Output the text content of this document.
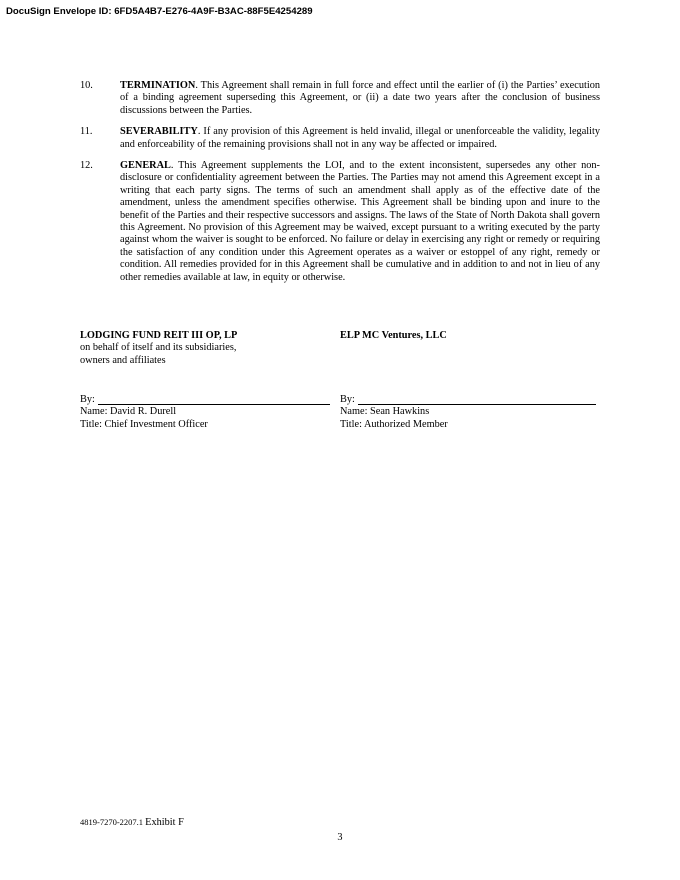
DocuSign Envelope ID: 6FD5A4B7-E276-4A9F-B3AC-88F5E4254289
10.	TERMINATION. This Agreement shall remain in full force and effect until the earlier of (i) the Parties’ execution of a binding agreement superseding this Agreement, or (ii) a date two years after the conclusion of business discussions between the Parties.
11.	SEVERABILITY. If any provision of this Agreement is held invalid, illegal or unenforceable the validity, legality and enforceability of the remaining provisions shall not in any way be affected or impaired.
12.	GENERAL. This Agreement supplements the LOI, and to the extent inconsistent, supersedes any other non-disclosure or confidentiality agreement between the Parties. The Parties may not amend this Agreement except in a writing that each party signs. The terms of such an amendment shall apply as of the effective date of the amendment, unless the amendment specifies otherwise. This Agreement shall be binding upon and inure to the benefit of the Parties and their respective successors and assigns. The laws of the State of North Dakota shall govern this Agreement. No provision of this Agreement may be waived, except pursuant to a writing executed by the party against whom the waiver is sought to be enforced. No failure or delay in exercising any right or remedy or requiring the satisfaction of any condition under this Agreement operates as a waiver or estoppel of any right, remedy or condition. All remedies provided for in this Agreement shall be cumulative and in addition to and not in lieu of any other remedies available at law, in equity or otherwise.
LODGING FUND REIT III OP, LP
on behalf of itself and its subsidiaries,
owners and affiliates
ELP MC Ventures, LLC
By:
Name: David R. Durell
Title: Chief Investment Officer
By:
Name: Sean Hawkins
Title: Authorized Member
4819-7270-2207.1 Exhibit F
3
